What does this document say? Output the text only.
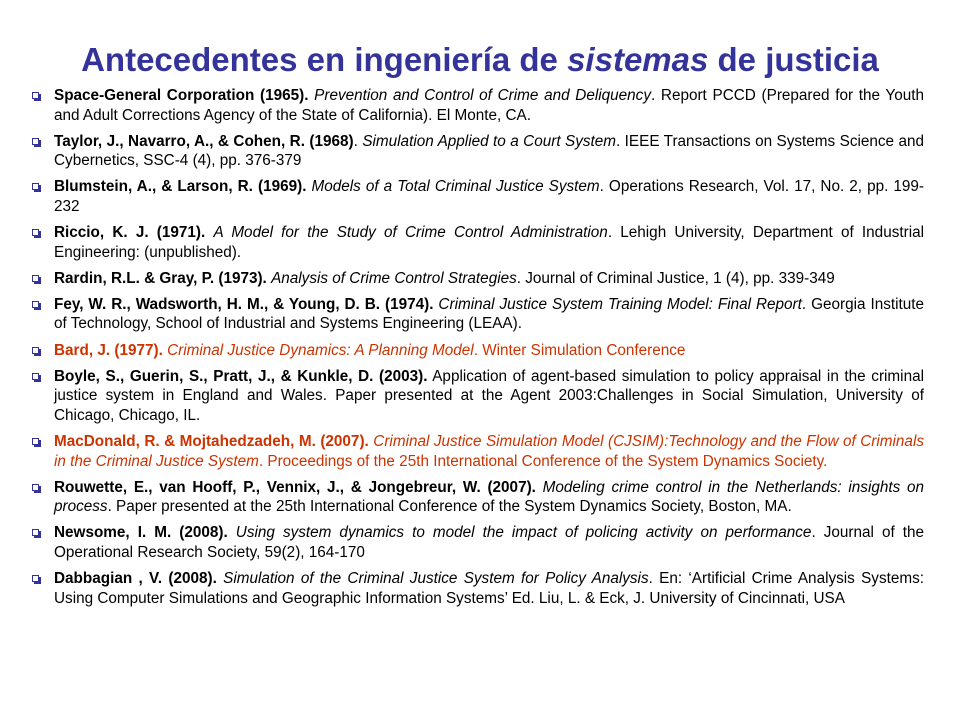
Antecedentes en ingeniería de sistemas de justicia
Space-General Corporation (1965). Prevention and Control of Crime and Deliquency. Report PCCD (Prepared for the Youth and Adult Corrections Agency of the State of California). El Monte, CA.
Taylor, J., Navarro, A., & Cohen, R. (1968). Simulation Applied to a Court System. IEEE Transactions on Systems Science and Cybernetics, SSC-4 (4), pp. 376-379
Blumstein, A., & Larson, R. (1969). Models of a Total Criminal Justice System. Operations Research, Vol. 17, No. 2, pp. 199-232
Riccio, K. J. (1971). A Model for the Study of Crime Control Administration. Lehigh University, Department of Industrial Engineering: (unpublished).
Rardin, R.L. & Gray, P. (1973). Analysis of Crime Control Strategies. Journal of Criminal Justice, 1 (4), pp. 339-349
Fey, W. R., Wadsworth, H. M., & Young, D. B. (1974). Criminal Justice System Training Model: Final Report. Georgia Institute of Technology, School of Industrial and Systems Engineering (LEAA).
Bard, J. (1977). Criminal Justice Dynamics: A Planning Model. Winter Simulation Conference
Boyle, S., Guerin, S., Pratt, J., & Kunkle, D. (2003). Application of agent-based simulation to policy appraisal in the criminal justice system in England and Wales. Paper presented at the Agent 2003:Challenges in Social Simulation, University of Chicago, Chicago, IL.
MacDonald, R. & Mojtahedzadeh, M. (2007). Criminal Justice Simulation Model (CJSIM):Technology and the Flow of Criminals in the Criminal Justice System. Proceedings of the 25th International Conference of the System Dynamics Society.
Rouwette, E., van Hooff, P., Vennix, J., & Jongebreur, W. (2007). Modeling crime control in the Netherlands: insights on process. Paper presented at the 25th International Conference of the System Dynamics Society, Boston, MA.
Newsome, I. M. (2008). Using system dynamics to model the impact of policing activity on performance. Journal of the Operational Research Society, 59(2), 164-170
Dabbagian , V. (2008). Simulation of the Criminal Justice System for Policy Analysis. En: ‘Artificial Crime Analysis Systems: Using Computer Simulations and Geographic Information Systems’ Ed. Liu, L. & Eck, J. University of Cincinnati, USA
